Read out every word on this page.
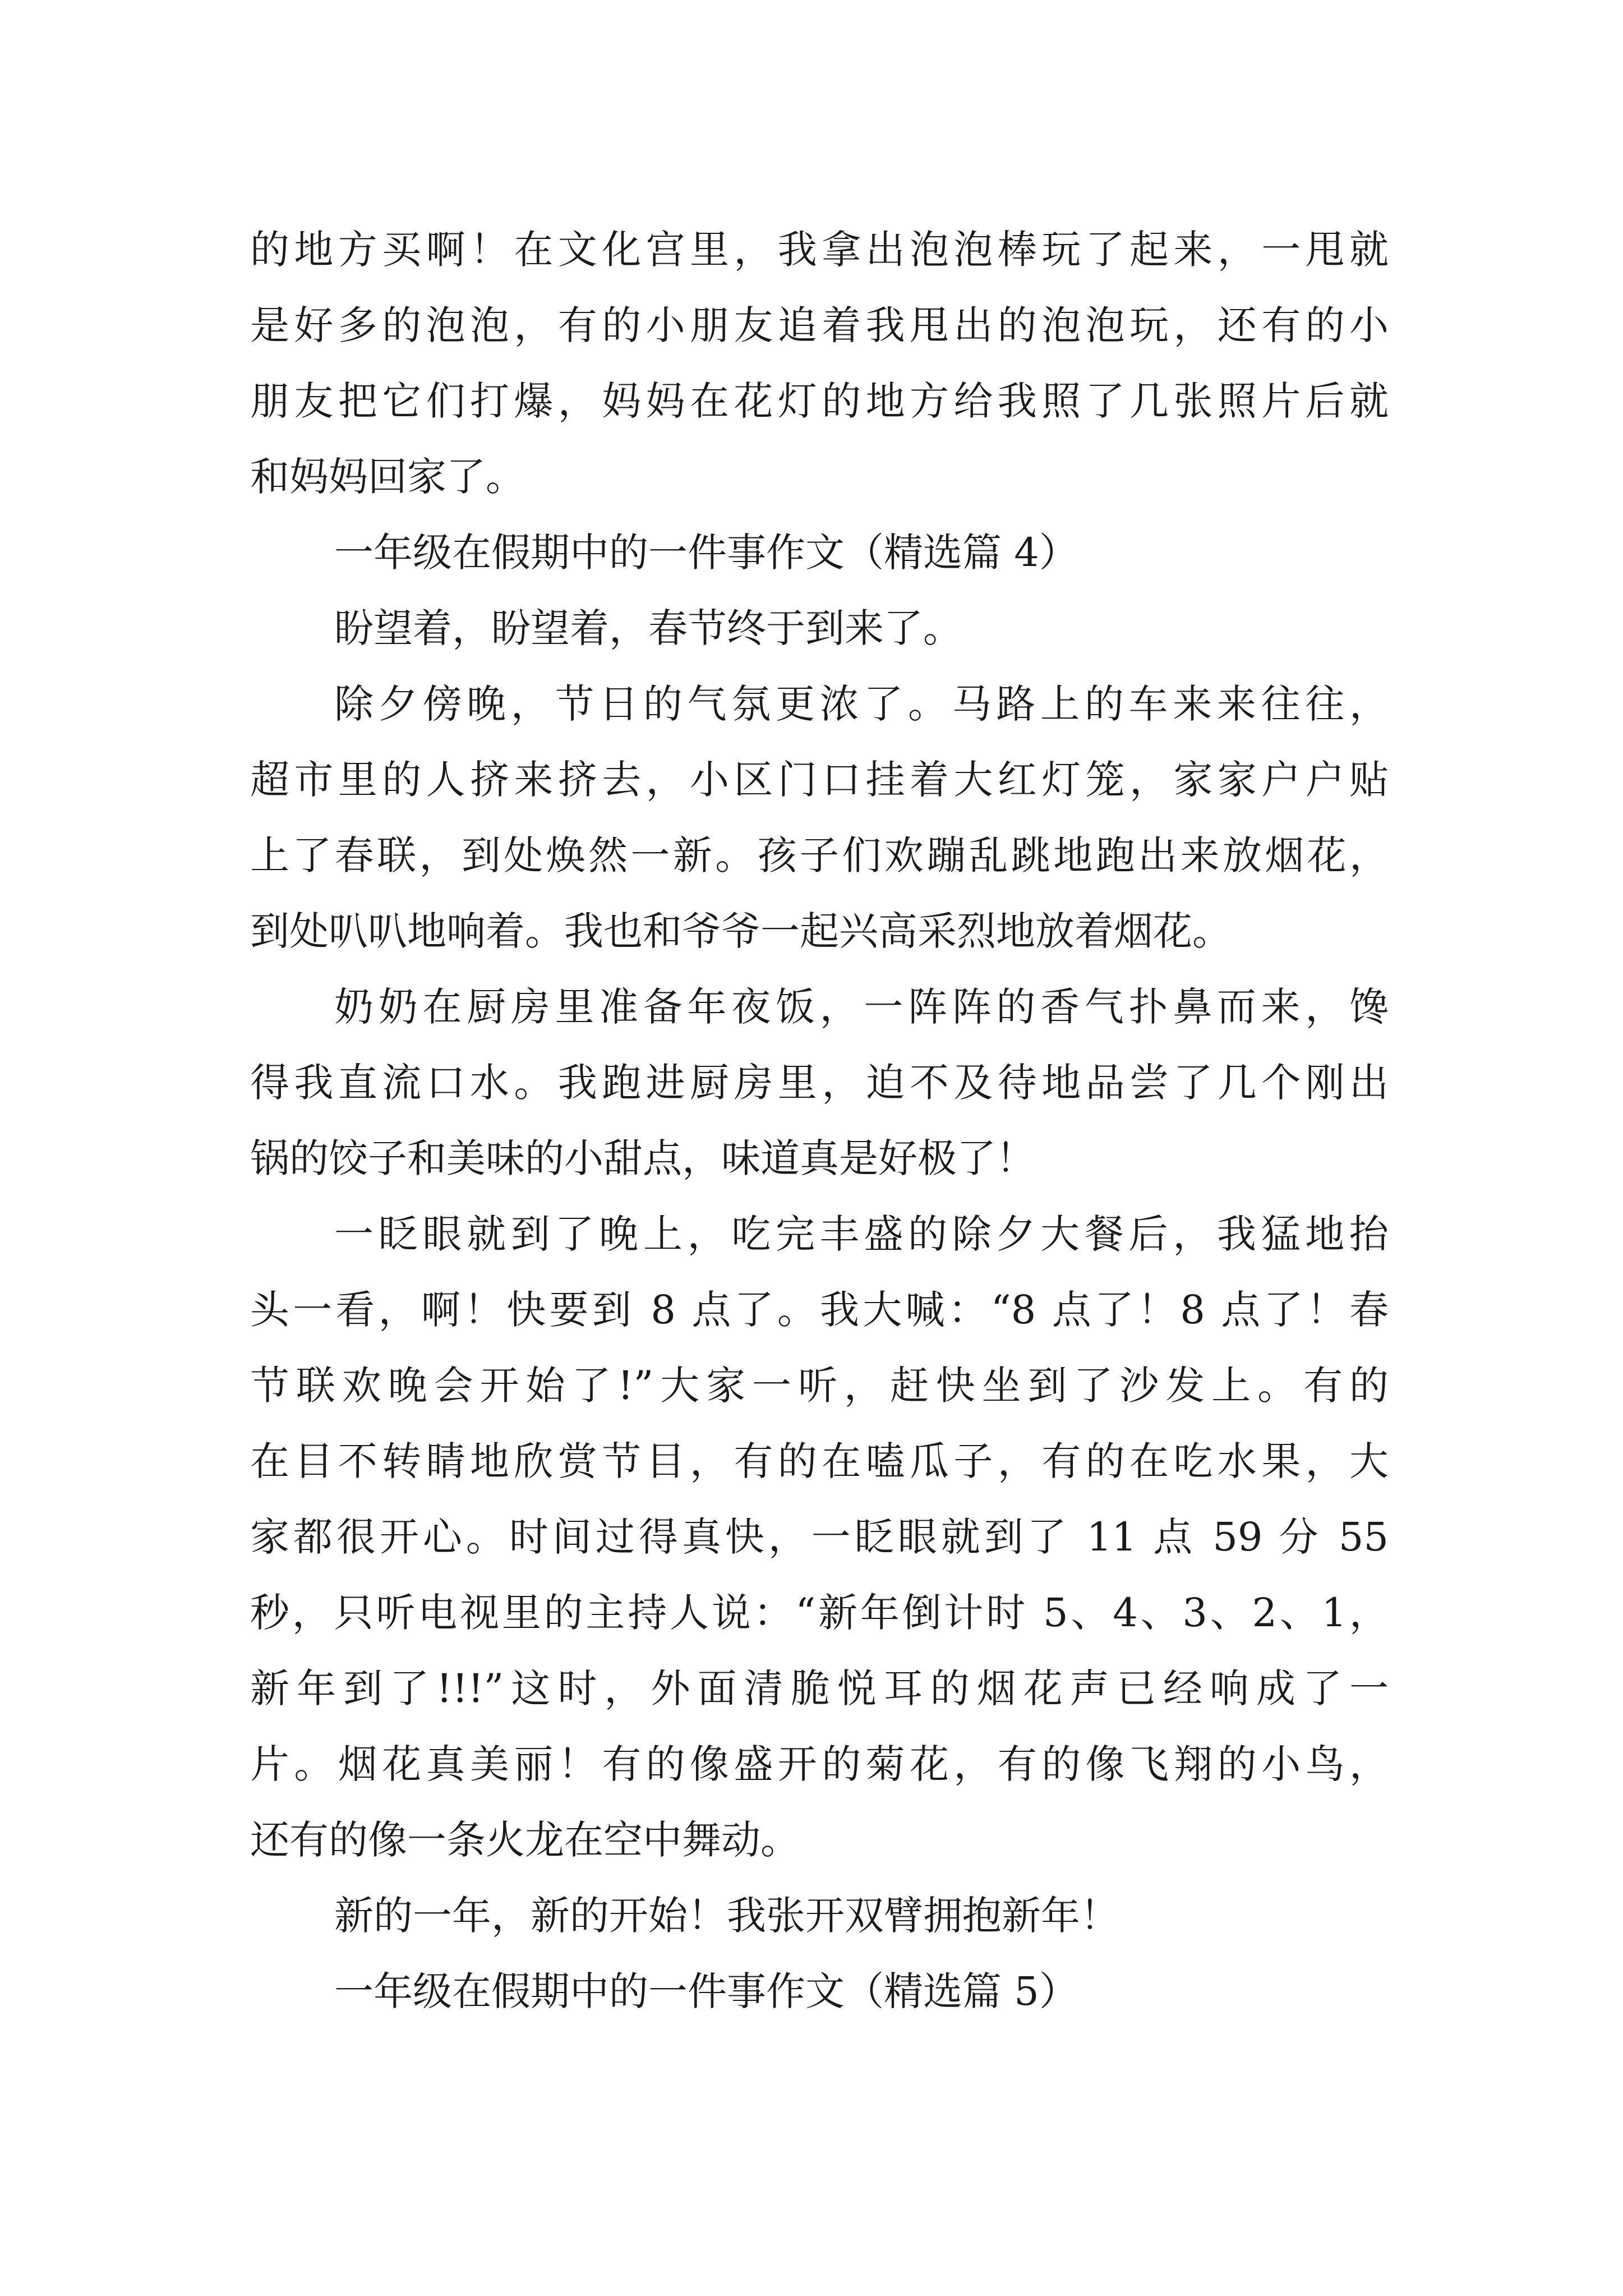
的地方买啊！在文化宫里，我拿出泡泡棒玩了起来，一甩就
是好多的泡泡，有的小朋友追着我甩出的泡泡玩，还有的小
朋友把它们打爆，妈妈在花灯的地方给我照了几张照片后就
和妈妈回家了。
一年级在假期中的一件事作文（精选篇 4）
盼望着，盼望着，春节终于到来了。
除夕傍晚，节日的气氛更浓了。马路上的车来来往往，
超市里的人挤来挤去，小区门口挂着大红灯笼，家家户户贴
上了春联，到处焕然一新。孩子们欢蹦乱跳地跑出来放烟花，
到处叭叭地响着。我也和爷爷一起兴高采烈地放着烟花。
奶奶在厨房里准备年夜饭，一阵阵的香气扑鼻而来，馋
得我直流口水。我跑进厨房里，迫不及待地品尝了几个刚出
锅的饺子和美味的小甜点，味道真是好极了！
一眨眼就到了晚上，吃完丰盛的除夕大餐后，我猛地抬
头一看，啊！快要到 8 点了。我大喊：“8 点了！8 点了！春
节联欢晚会开始了!”大家一听，赶快坐到了沙发上。有的
在目不转睛地欣赏节目，有的在嗑瓜子，有的在吃水果，大
家都很开心。时间过得真快，一眨眼就到了 11 点 59 分 55
秒，只听电视里的主持人说：“新年倒计时 5、4、3、2、1，
新年到了!!!”这时，外面清脆悦耳的烟花声已经响成了一
片。烟花真美丽！有的像盛开的菊花，有的像飞翔的小鸟，
还有的像一条火龙在空中舞动。
新的一年，新的开始！我张开双臂拥抱新年！
一年级在假期中的一件事作文（精选篇 5）
